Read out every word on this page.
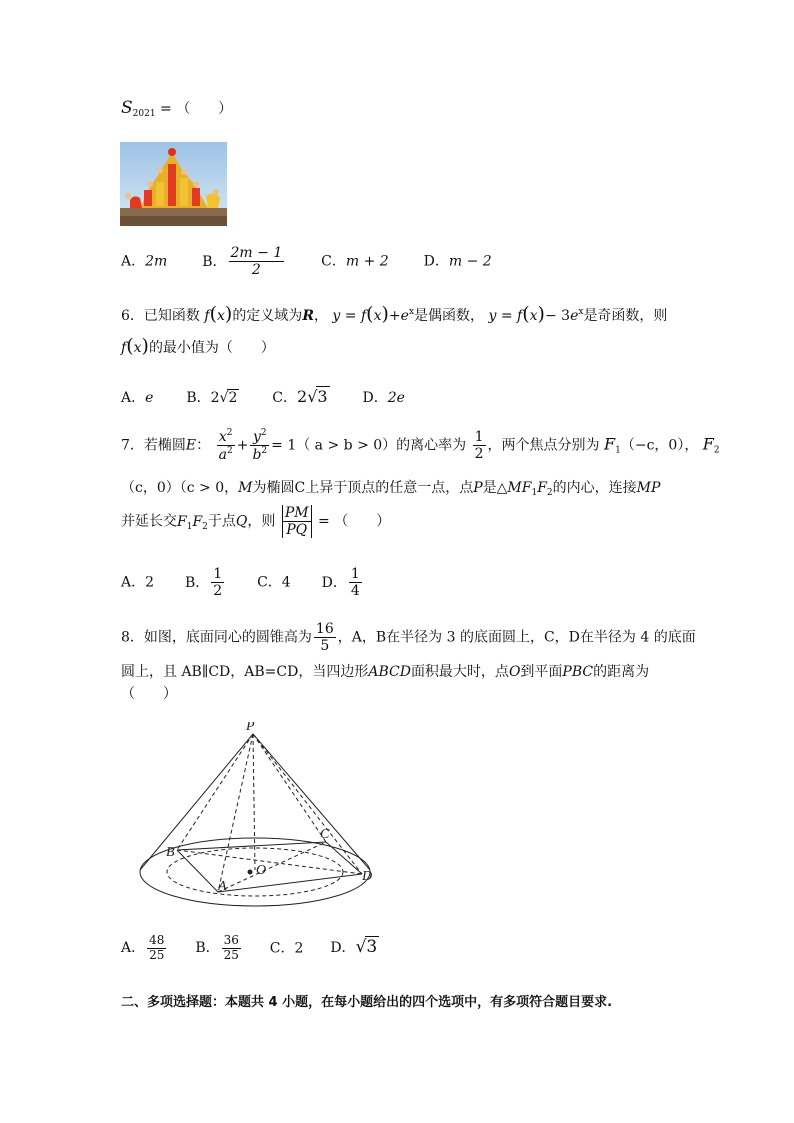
$S_{2021}$ = （　　）
A．2m B． $\frac{2m - 1}{2}$	C．m + 2 D．m − 2
6．已知函数 f(x)的定义域为R， $y = f(x)+e^x$是偶函数， $y = f(x)- 3e^x$是奇函数，则
f(x)的最小值为（　　）
A．e B．2√2 C．2√3 D．2e
7．若椭圆E： $\frac{x^2}{a^2} + \frac{y^2}{b^2} = 1$（ a > b > 0）的离心率为 $\frac{1}{2}$ ，两个焦点分别为 $F_1(-c$，0）， $F_2$
（c，0）（c > 0，M为椭圆C上异于顶点的任意一点，点P是$\triangle MF_1F_2$的内心，连接MP
并延长交$F_1F_2$于点Q，则 $\frac{PM}{PQ}$ = （　　）
A．2 B． $\frac{1}{2}$ C．4 D． $\frac{1}{4}$
8．如图，底面同心的圆锥高为 $\frac{16}{5}$ ，A，B在半径为 3 的底面圆上，C，D在半径为 4 的底面
圆上，且 AB∥CD，AB=CD，当四边形ABCD面积最大时，点O到平面PBC的距离为
（　　）
P
B
C
A
D
O
A． $\frac{48}{25}$ B． $\frac{36}{25}$ C．2 D．√3
二、多项选择题：本题共 4 小题，在每小题给出的四个选项中，有多项符合题目要求.
